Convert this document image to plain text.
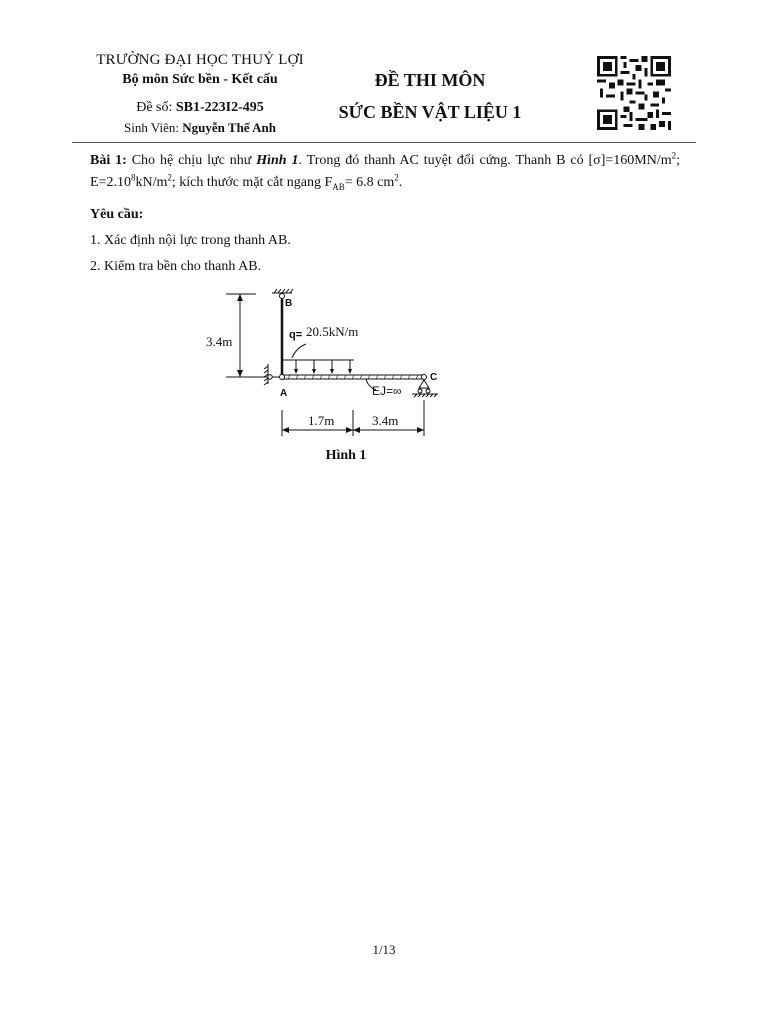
TRƯỜNG ĐẠI HỌC THUỶ LỢI
Bộ môn Sức bền - Kết cấu
Đề số: SB1-223I2-495
Sinh Viên: Nguyễn Thế Anh
ĐỀ THI MÔN
SỨC BỀN VẬT LIỆU 1
Bài 1: Cho hệ chịu lực như Hình 1. Trong đó thanh AC tuyệt đối cứng. Thanh B có $[\sigma]=160MN/m^2$; $E=2.10^8kN/m^2$; kích thước mặt cắt ngang $F_{AB}= 6.8$ $cm^2$.
Yêu cầu:
1. Xác định nội lực trong thanh AB.
2. Kiểm tra bền cho thanh AB.
B
A
C
q=
EJ=∞
3.4m
20.5kN/m
1.7m	3.4m
Hình 1
1/13
